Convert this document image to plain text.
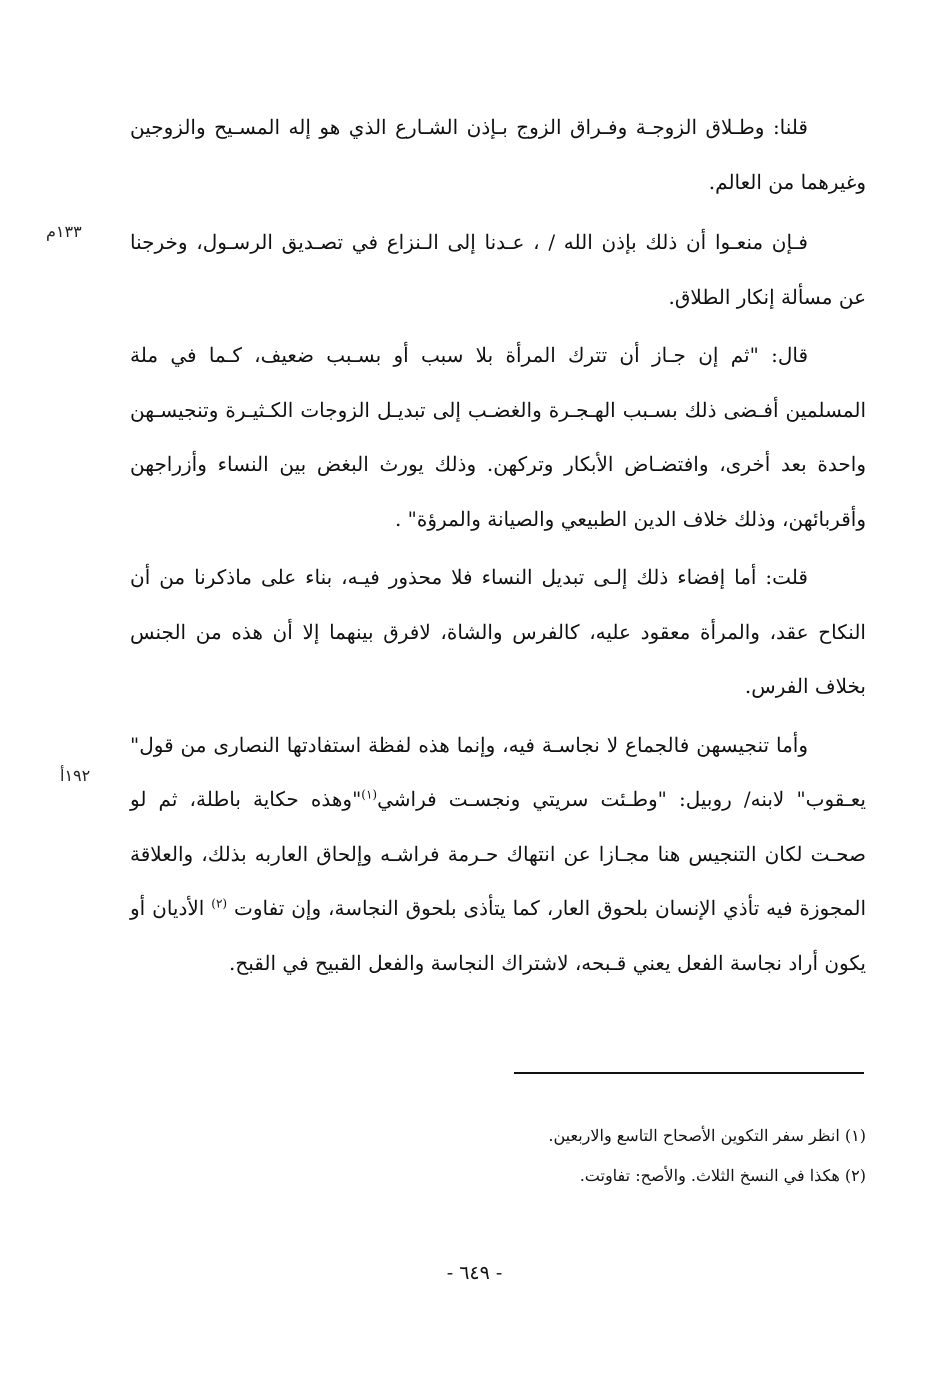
قلنا: وطـلاق الزوجـة وفـراق الزوج بـإذن الشـارع الذي هو إله المسـيح والزوجين وغيرهما من العالم.

فـإن منعـوا أن ذلك بإذن الله / ، عـدنا إلى الـنزاع في تصـديق الرسـول، وخرجنا عن مسألة إنكار الطلاق.

قال: "ثم إن جـاز أن تترك المرأة بلا سبب أو بسـبب ضعيف، كـما في ملة المسلمين أفـضى ذلك بسـبب الهـجـرة والغضـب إلى تبديـل الزوجات الكـثيـرة وتنجيسـهن واحدة بعد أخرى، وافتضـاض الأبكار وتركهن. وذلك يورث البغض بين النساء وأزراجهن وأقربائهن، وذلك خلاف الدين الطبيعي والصيانة والمرؤة" .

قلت: أما إفضاء ذلك إلـى تبديل النساء فلا محذور فيـه، بناء على ماذكرنا من أن النكاح عقد، والمرأة معقود عليه، كالفرس والشاة، لافرق بينهما إلا أن هذه من الجنس بخلاف الفرس.

وأما تنجيسهن فالجماع لا نجاسـة فيه، وإنما هذه لفظة استفادتها النصارى من قول" يعـقوب" لابنه/ روبيل: "وطـئت سريتي ونجسـت فراشي$^{(١)}$"وهذه حكاية باطلة، ثم لو صحـت لكان التنجيس هنا مجـازا عن انتهاك حـرمة فراشـه وإلحاق العاربه بذلك، والعلاقة المجوزة فيه تأذي الإنسان بلحوق العار، كما يتأذى بلحوق النجاسة، وإن تفاوت $^{(٢)}$ الأديان أو يكون أراد نجاسة الفعل يعني قـبحه، لاشتراك النجاسة والفعل القبيح في القبح.

١٣٣م
١٩٢أ

(١) انظر سفر التكوين الأصحاح التاسع والاربعين.

(٢) هكذا في النسخ الثلاث. والأصح: تفاوتت.

- ٦٤٩ -
